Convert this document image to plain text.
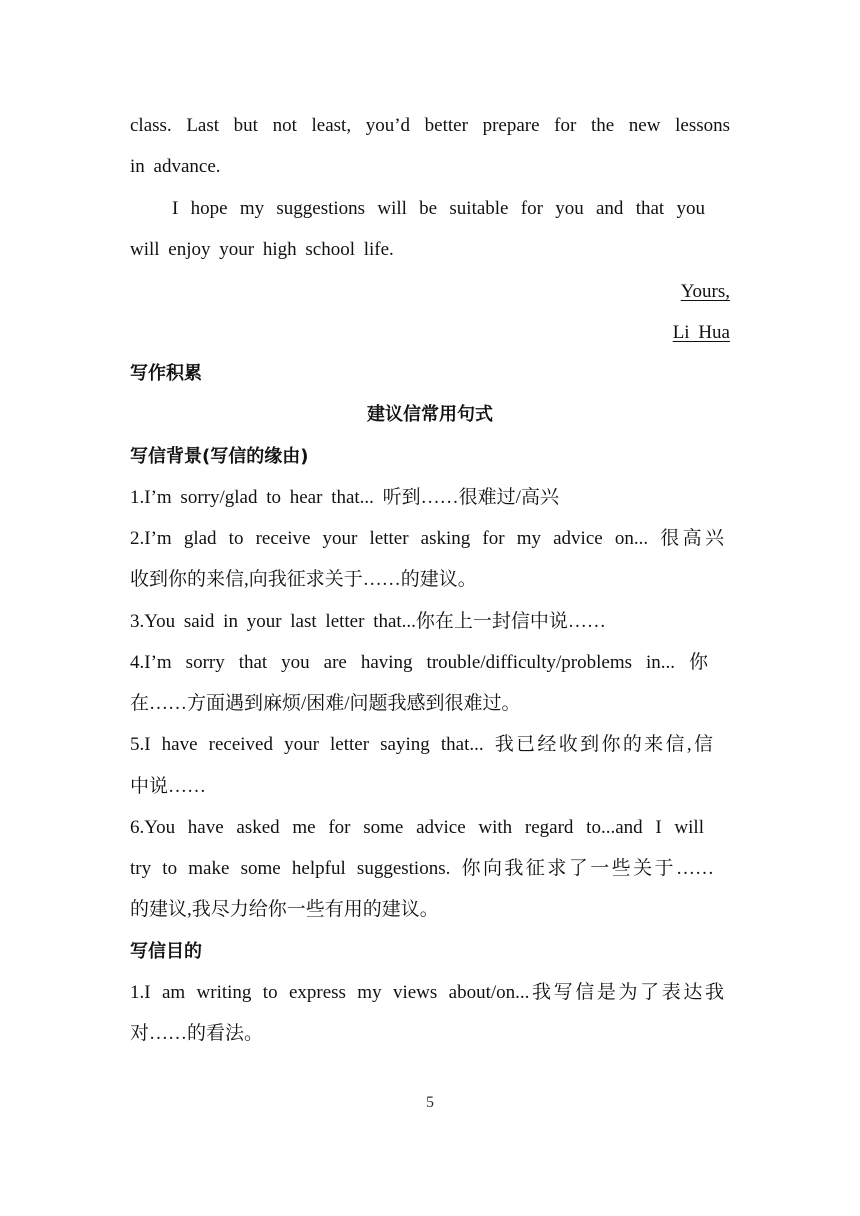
class. Last but not least, you’d better prepare for the new lessons
in advance.
I hope my suggestions will be suitable for you and that you
will enjoy your high school life.
Yours,
Li Hua
写作积累
建议信常用句式
写信背景(写信的缘由)
1.I’m sorry/glad to hear that... 听到……很难过/高兴
2.I’m glad to receive your letter asking for my advice on... 很高兴
收到你的来信,向我征求关于……的建议。
3.You said in your last letter that...你在上一封信中说……
4.I’m sorry that you are having trouble/difficulty/problems in... 你
在……方面遇到麻烦/困难/问题我感到很难过。
5.I have received your letter saying that... 我已经收到你的来信,信
中说……
6.You have asked me for some advice with regard to...and I will
try to make some helpful suggestions. 你向我征求了一些关于……
的建议,我尽力给你一些有用的建议。
写信目的
1.I am writing to express my views about/on...我写信是为了表达我
对……的看法。
5
